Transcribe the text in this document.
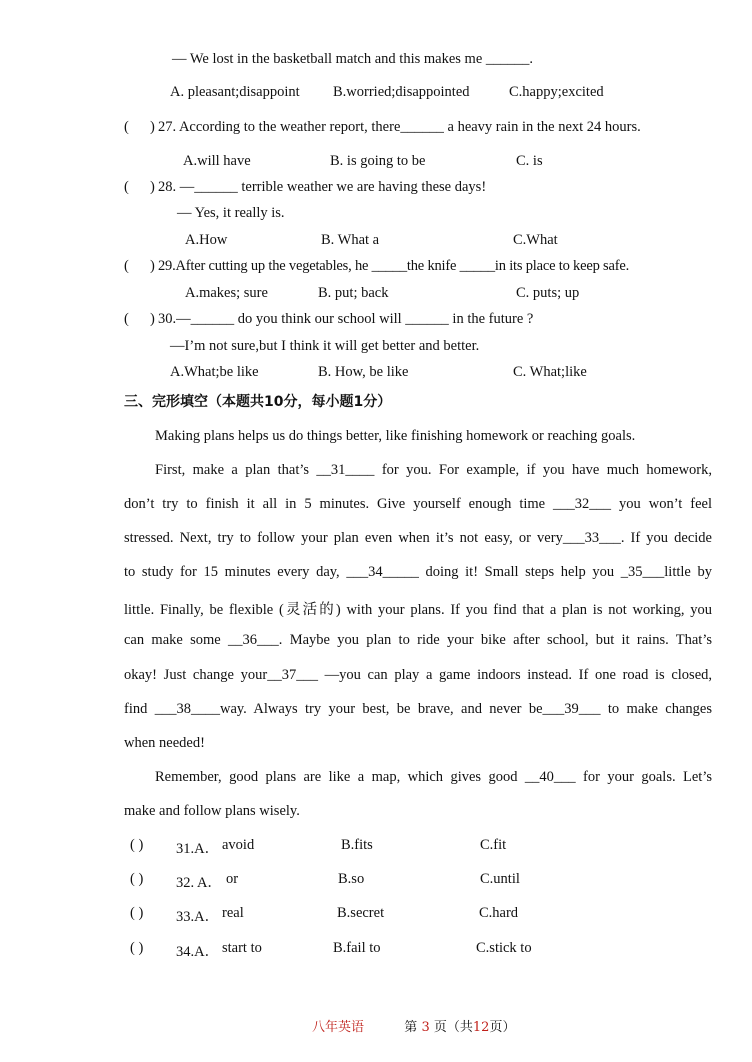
— We lost in the basketball match and this makes me ______.
A. pleasant;disappoint B.worried;disappointed	C.happy;excited
( ) 27. According to the weather report, there______ a heavy rain in the next 24 hours.
A.will have	B. is going to be	C. is
( ) 28. —______ terrible weather we are having these days!
— Yes, it really is.
A.How	B. What a	C.What
( ) 29.After cutting up the vegetables, he _____the knife _____in its place to keep safe.
A.makes; sure	B. put; back	C. puts; up
( ) 30.—______ do you think our school will ______ in the future ?
—I’m not sure,but I think it will get better and better.
A.What;be like	B. How, be like	C. What;like
三、完形填空（本题共10分，每小题1分）
Making plans helps us do things better, like finishing homework or reaching goals.
First, make a plan that’s __31____ for you. For example, if you have much homework,
don’t try to finish it all in 5 minutes. Give yourself enough time ___32___ you won’t feel
stressed. Next, try to follow your plan even when it’s not easy, or very___33___. If you decide
to study for 15 minutes every day, ___34_____ doing it! Small steps help you _35___little by
little. Finally, be flexible (灵活的) with your plans. If you find that a plan is not working, you
can make some __36___. Maybe you plan to ride your bike after school, but it rains. That’s
okay! Just change your__37___ —you can play a game indoors instead. If one road is closed,
find ___38____way. Always try your best, be brave, and never be___39___ to make changes
when needed!
Remember, good plans are like a map, which gives good __40___ for your goals. Let’s
make and follow plans wisely.
( ) 31.A． avoid	B.fits	C.fit
( ) 32. A． or	B.so	C.until
( ) 33.A． real	B.secret	C.hard
( ) 34.A． start to	B.fail to	C.stick to
八年英语	第 3 页（共12页）
